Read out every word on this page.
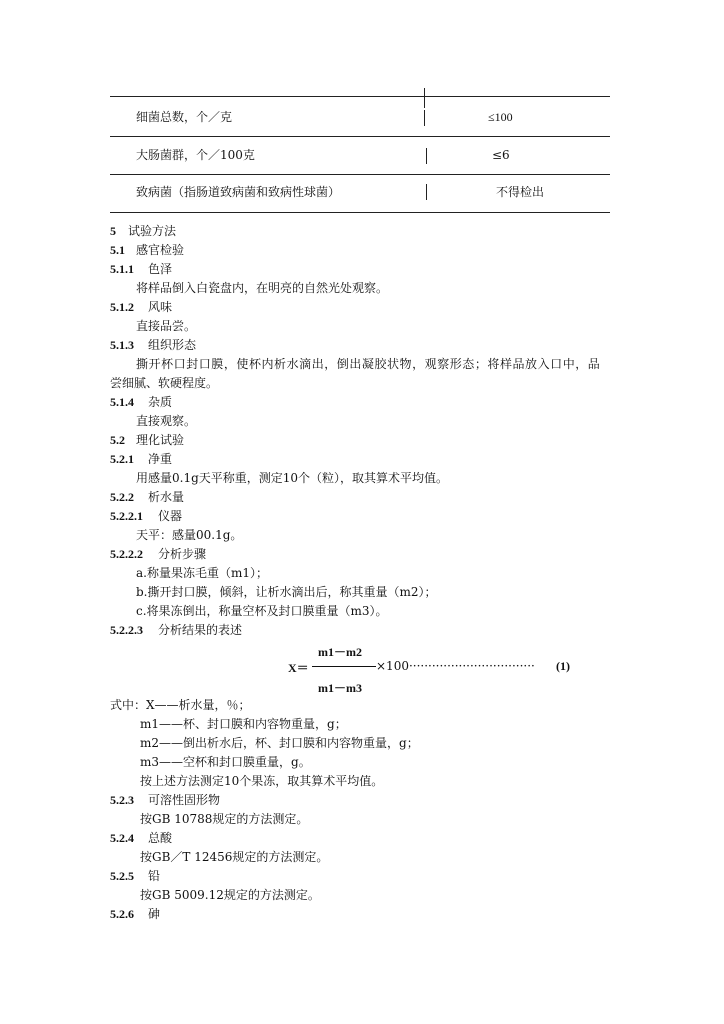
细菌总数，个／克	≤100
大肠菌群，个／100克	≤6
致病菌（指肠道致病菌和致病性球菌）	不得检出
5 试验方法
5.1 感官检验
5.1.1 色泽
将样品倒入白瓷盘内，在明亮的自然光处观察。
5.1.2 风味
直接品尝。
5.1.3 组织形态
撕开杯口封口膜，使杯内析水滴出，倒出凝胶状物，观察形态；将样品放入口中，品
尝细腻、软硬程度。
5.1.4 杂质
直接观察。
5.2 理化试验
5.2.1 净重
用感量0.1g天平称重，测定10个（粒），取其算术平均值。
5.2.2 析水量
5.2.2.1 仪器
天平：感量00.1g。
5.2.2.2 分析步骤
a.称量果冻毛重（m1）；
b.撕开封口膜，倾斜，让析水滴出后，称其重量（m2）；
c.将果冻倒出，称量空杯及封口膜重量（m3）。
5.2.2.3 分析结果的表述
m1－m2
X＝	×100································· (1)
m1－m3
式中：X——析水量，％；
m1——杯、封口膜和内容物重量，g；
m2——倒出析水后，杯、封口膜和内容物重量，g；
m3——空杯和封口膜重量，g。
按上述方法测定10个果冻，取其算术平均值。
5.2.3 可溶性固形物
按GB 10788规定的方法测定。
5.2.4 总酸
按GB／T 12456规定的方法测定。
5.2.5 铅
按GB 5009.12规定的方法测定。
5.2.6 砷
